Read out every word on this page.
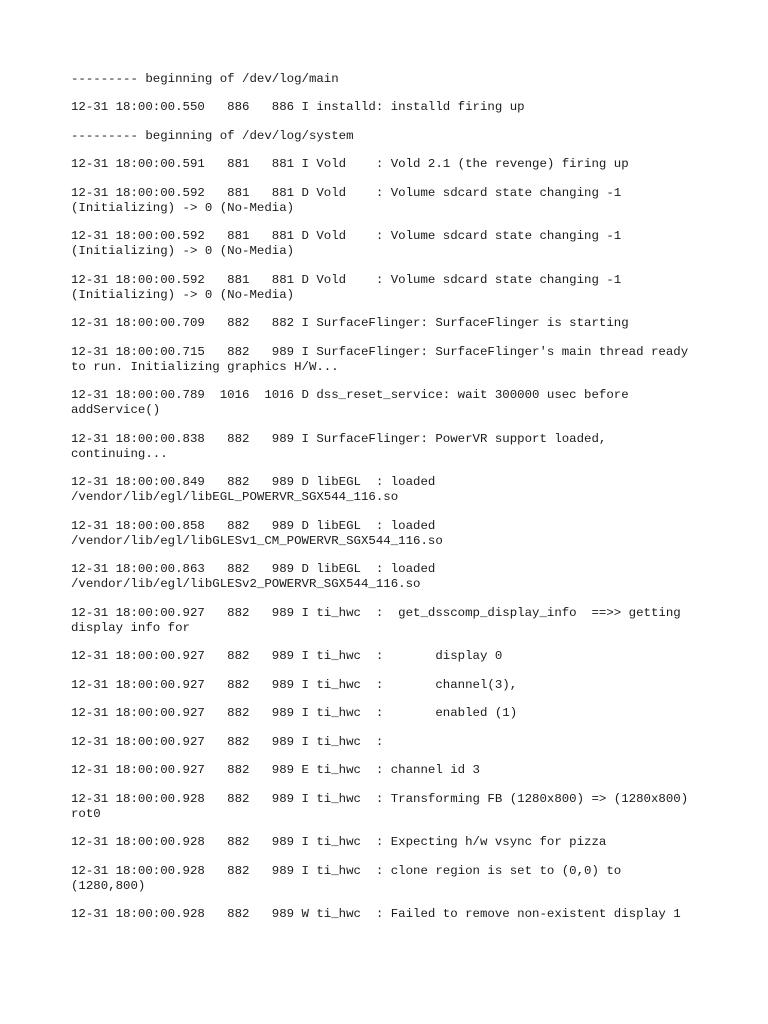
--------- beginning of /dev/log/main
12-31 18:00:00.550   886   886 I installd: installd firing up
--------- beginning of /dev/log/system
12-31 18:00:00.591   881   881 I Vold    : Vold 2.1 (the revenge) firing up
12-31 18:00:00.592   881   881 D Vold    : Volume sdcard state changing -1
(Initializing) -> 0 (No-Media)
12-31 18:00:00.592   881   881 D Vold    : Volume sdcard state changing -1
(Initializing) -> 0 (No-Media)
12-31 18:00:00.592   881   881 D Vold    : Volume sdcard state changing -1
(Initializing) -> 0 (No-Media)
12-31 18:00:00.709   882   882 I SurfaceFlinger: SurfaceFlinger is starting
12-31 18:00:00.715   882   989 I SurfaceFlinger: SurfaceFlinger's main thread ready
to run. Initializing graphics H/W...
12-31 18:00:00.789  1016  1016 D dss_reset_service: wait 300000 usec before
addService()
12-31 18:00:00.838   882   989 I SurfaceFlinger: PowerVR support loaded,
continuing...
12-31 18:00:00.849   882   989 D libEGL  : loaded
/vendor/lib/egl/libEGL_POWERVR_SGX544_116.so
12-31 18:00:00.858   882   989 D libEGL  : loaded
/vendor/lib/egl/libGLESv1_CM_POWERVR_SGX544_116.so
12-31 18:00:00.863   882   989 D libEGL  : loaded
/vendor/lib/egl/libGLESv2_POWERVR_SGX544_116.so
12-31 18:00:00.927   882   989 I ti_hwc  :  get_dsscomp_display_info  ==>> getting
display info for
12-31 18:00:00.927   882   989 I ti_hwc  :       display 0
12-31 18:00:00.927   882   989 I ti_hwc  :       channel(3),
12-31 18:00:00.927   882   989 I ti_hwc  :       enabled (1)
12-31 18:00:00.927   882   989 I ti_hwc  :
12-31 18:00:00.927   882   989 E ti_hwc  : channel id 3
12-31 18:00:00.928   882   989 I ti_hwc  : Transforming FB (1280x800) => (1280x800)
rot0
12-31 18:00:00.928   882   989 I ti_hwc  : Expecting h/w vsync for pizza
12-31 18:00:00.928   882   989 I ti_hwc  : clone region is set to (0,0) to
(1280,800)
12-31 18:00:00.928   882   989 W ti_hwc  : Failed to remove non-existent display 1
